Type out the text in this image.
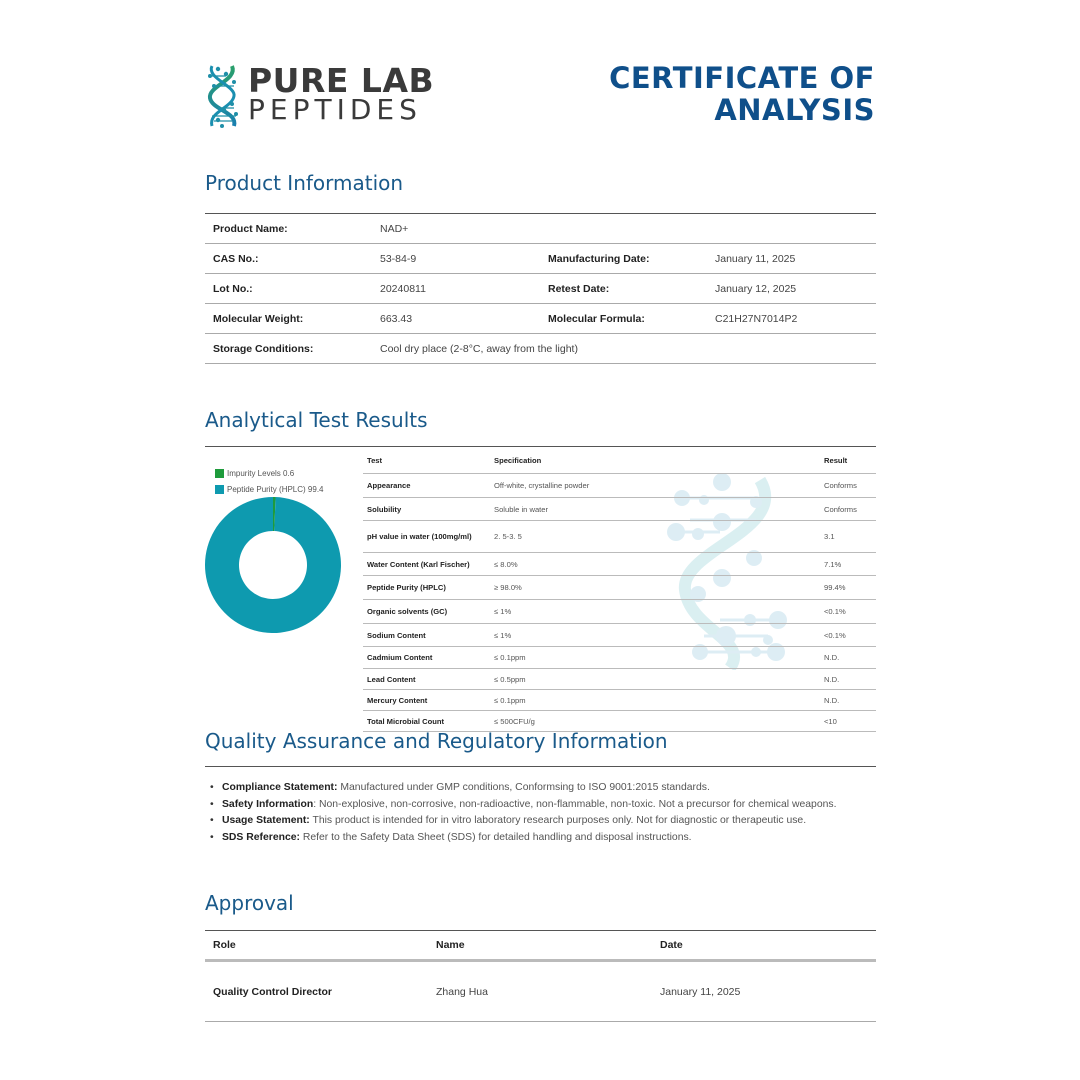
PURE LAB
PEPTIDES
CERTIFICATE OF
ANALYSIS
Product Information
Product Name:	NAD+
CAS No.:	53-84-9	Manufacturing Date:	January 11, 2025
Lot No.:	20240811	Retest Date:	January 12, 2025
Molecular Weight:	663.43	Molecular Formula:	C21H27N7014P2
Storage Conditions:	Cool dry place (2-8°C, away from the light)
Analytical Test Results
Impurity Levels 0.6
Peptide Purity (HPLC) 99.4
Test	Specification	Result
Appearance	Off-white, crystalline powder	Conforms
Solubility	Soluble in water	Conforms
pH value in water (100mg/ml)	2. 5-3. 5	3.1
Water Content (Karl Fischer)	≤ 8.0%	7.1%
Peptide Purity (HPLC)	≥ 98.0%	99.4%
Organic solvents (GC)	≤ 1%	<0.1%
Sodium Content	≤ 1%	<0.1%
Cadmium Content	≤ 0.1ppm	N.D.
Lead Content	≤ 0.5ppm	N.D.
Mercury Content	≤ 0.1ppm	N.D.
Total Microbial Count	≤ 500CFU/g	<10
Quality Assurance and Regulatory Information
• Compliance Statement: Manufactured under GMP conditions, Conformsing to ISO 9001:2015 standards.
• Safety Information: Non-explosive, non-corrosive, non-radioactive, non-flammable, non-toxic. Not a precursor for chemical weapons.
• Usage Statement: This product is intended for in vitro laboratory research purposes only. Not for diagnostic or therapeutic use.
• SDS Reference: Refer to the Safety Data Sheet (SDS) for detailed handling and disposal instructions.
Approval
Role	Name	Date
Quality Control Director	Zhang Hua	January 11, 2025
